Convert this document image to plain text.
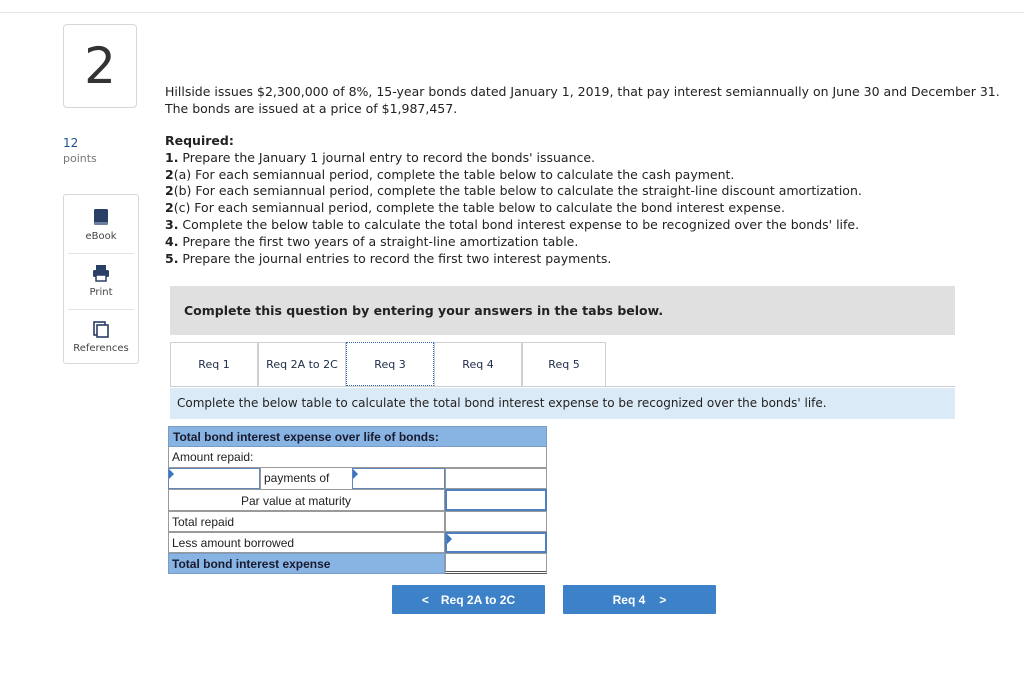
2
12
points
eBook
Print
References
Hillside issues $2,300,000 of 8%, 15-year bonds dated January 1, 2019, that pay interest semiannually on June 30 and December 31.
The bonds are issued at a price of $1,987,457.
Required:
1. Prepare the January 1 journal entry to record the bonds' issuance.
2(a) For each semiannual period, complete the table below to calculate the cash payment.
2(b) For each semiannual period, complete the table below to calculate the straight-line discount amortization.
2(c) For each semiannual period, complete the table below to calculate the bond interest expense.
3. Complete the below table to calculate the total bond interest expense to be recognized over the bonds' life.
4. Prepare the first two years of a straight-line amortization table.
5. Prepare the journal entries to record the first two interest payments.
Complete this question by entering your answers in the tabs below.
Req 1	Req 2A to 2C	Req 3	Req 4	Req 5
Complete the below table to calculate the total bond interest expense to be recognized over the bonds' life.
Total bond interest expense over life of bonds:
Amount repaid:
payments of
Par value at maturity
Total repaid
Less amount borrowed
Total bond interest expense
< Req 2A to 2C	Req 4 >
